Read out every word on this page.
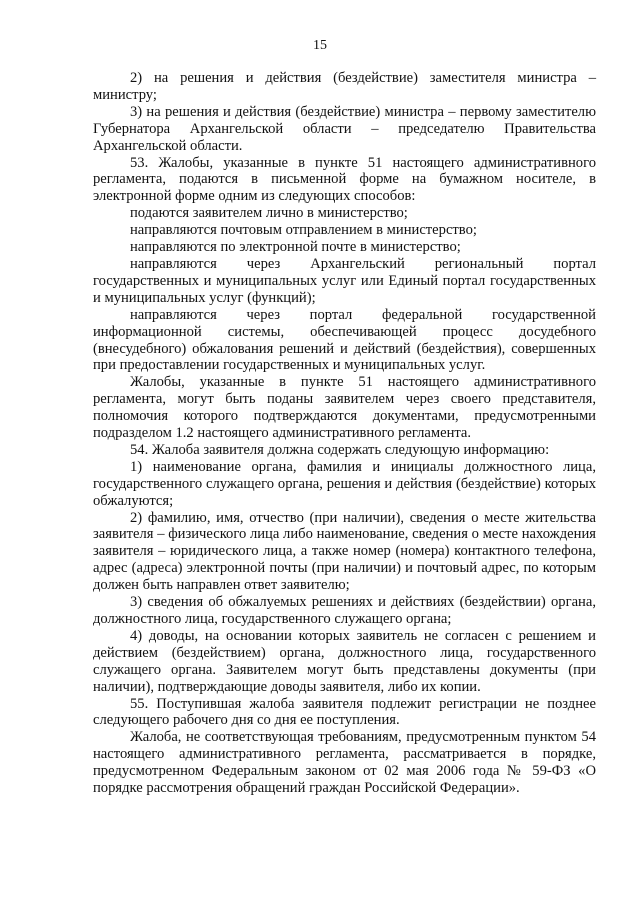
15

2) на решения и действия (бездействие) заместителя министра – министру;

3) на решения и действия (бездействие) министра – первому заместителю Губернатора Архангельской области – председателю Правительства Архангельской области.

53. Жалобы, указанные в пункте 51 настоящего административного регламента, подаются в письменной форме на бумажном носителе, в электронной форме одним из следующих способов:

подаются заявителем лично в министерство;

направляются почтовым отправлением в министерство;

направляются по электронной почте в министерство;

направляются через Архангельский региональный портал государственных и муниципальных услуг или Единый портал государственных и муниципальных услуг (функций);

направляются через портал федеральной государственной информационной системы, обеспечивающей процесс досудебного (внесудебного) обжалования решений и действий (бездействия), совершенных при предоставлении государственных и муниципальных услуг.

Жалобы, указанные в пункте 51 настоящего административного регламента, могут быть поданы заявителем через своего представителя, полномочия которого подтверждаются документами, предусмотренными подразделом 1.2 настоящего административного регламента.

54. Жалоба заявителя должна содержать следующую информацию:

1) наименование органа, фамилия и инициалы должностного лица, государственного служащего органа, решения и действия (бездействие) которых обжалуются;

2) фамилию, имя, отчество (при наличии), сведения о месте жительства заявителя – физического лица либо наименование, сведения о месте нахождения заявителя – юридического лица, а также номер (номера) контактного телефона, адрес (адреса) электронной почты (при наличии) и почтовый адрес, по которым должен быть направлен ответ заявителю;

3) сведения об обжалуемых решениях и действиях (бездействии) органа, должностного лица, государственного служащего органа;

4) доводы, на основании которых заявитель не согласен с решением и действием (бездействием) органа, должностного лица, государственного служащего органа. Заявителем могут быть представлены документы (при наличии), подтверждающие доводы заявителя, либо их копии.

55. Поступившая жалоба заявителя подлежит регистрации не позднее следующего рабочего дня со дня ее поступления.

Жалоба, не соответствующая требованиям, предусмотренным пунктом 54 настоящего административного регламента, рассматривается в порядке, предусмотренном Федеральным законом от 02 мая 2006 года № 59-ФЗ «О порядке рассмотрения обращений граждан Российской Федерации».
